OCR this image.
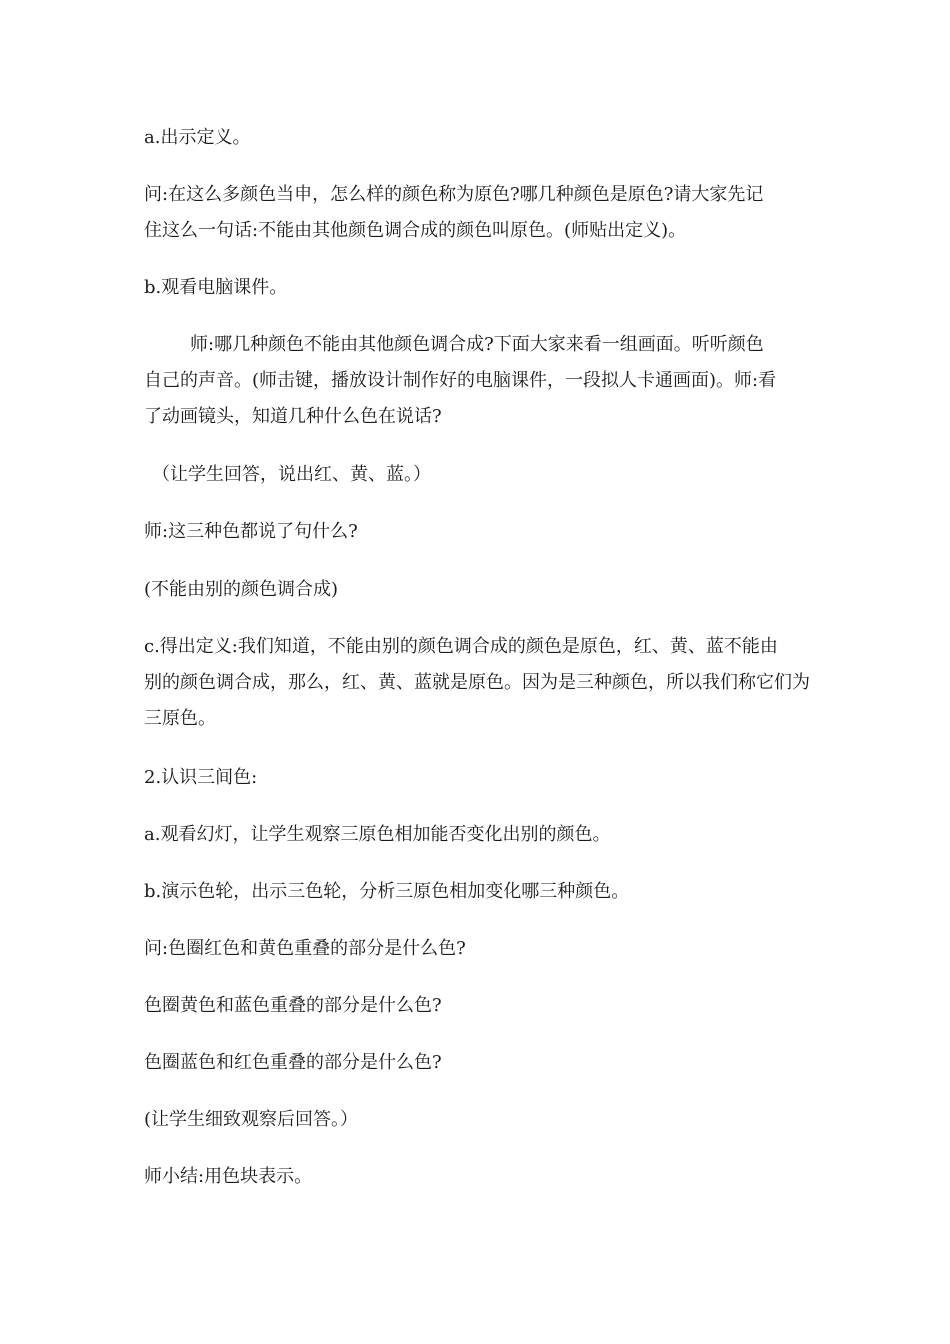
a.出示定义。

问:在这么多颜色当申，怎么样的颜色称为原色?哪几种颜色是原色?请大家先记
住这么一句话:不能由其他颜色调合成的颜色叫原色。(师贴出定义)。

b.观看电脑课件。

师:哪几种颜色不能由其他颜色调合成?下面大家来看一组画面。听听颜色
自己的声音。(师击键，播放设计制作好的电脑课件，一段拟人卡通画面)。师:看
了动画镜头，知道几种什么色在说话?

（让学生回答，说出红、黄、蓝。）

师:这三种色都说了句什么?

(不能由别的颜色调合成)

c.得出定义:我们知道，不能由别的颜色调合成的颜色是原色，红、黄、蓝不能由
别的颜色调合成，那么，红、黄、蓝就是原色。因为是三种颜色，所以我们称它们为
三原色。

2.认识三间色:

a.观看幻灯，让学生观察三原色相加能否变化出别的颜色。

b.演示色轮，出示三色轮，分析三原色相加变化哪三种颜色。

问:色圈红色和黄色重叠的部分是什么色?

色圈黄色和蓝色重叠的部分是什么色?

色圈蓝色和红色重叠的部分是什么色?

(让学生细致观察后回答。）

师小结:用色块表示。
